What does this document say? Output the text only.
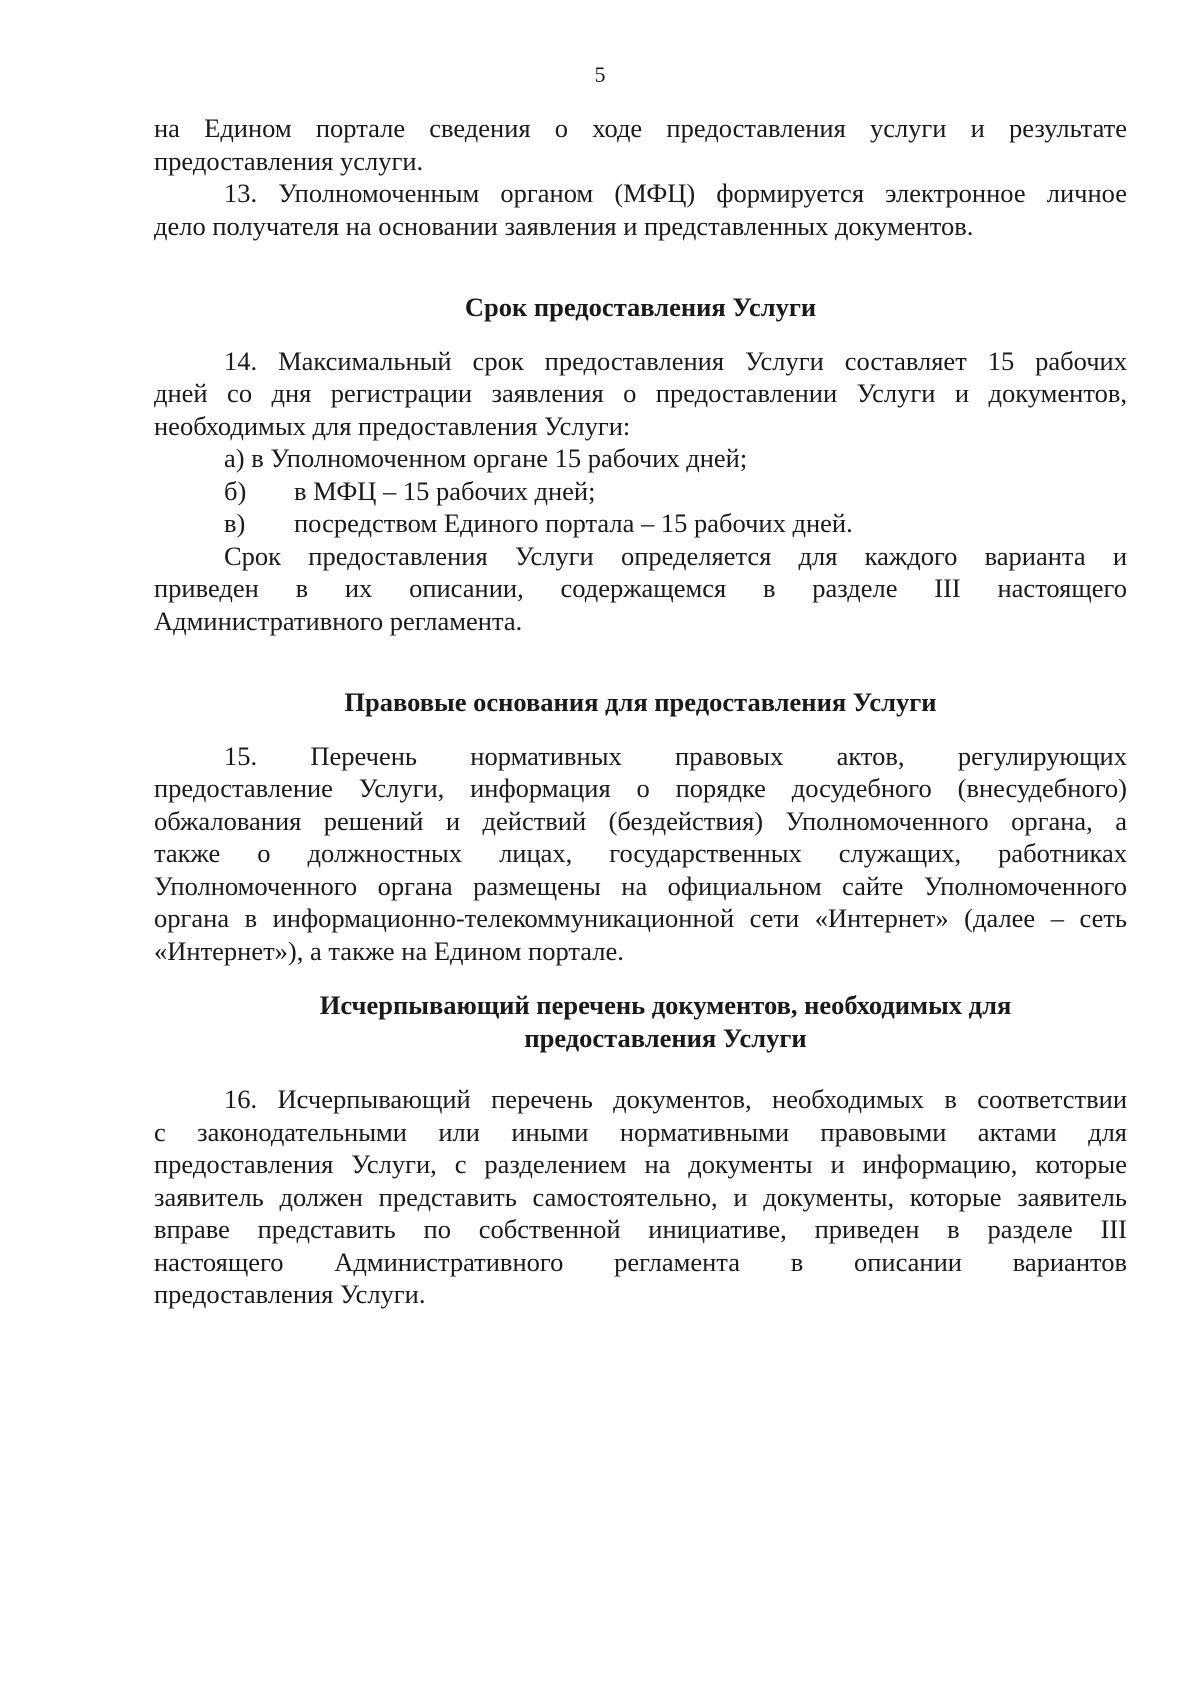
5
на Едином портале сведения о ходе предоставления услуги и результате
предоставления услуги.
13. Уполномоченным органом (МФЦ) формируется электронное личное
дело получателя на основании заявления и представленных документов.
Срок предоставления Услуги
14. Максимальный срок предоставления Услуги составляет 15 рабочих
дней со дня регистрации заявления о предоставлении Услуги и документов,
необходимых для предоставления Услуги:
а) в Уполномоченном органе 15 рабочих дней;
б)	в МФЦ – 15 рабочих дней;
в)	посредством Единого портала – 15 рабочих дней.
Срок предоставления Услуги определяется для каждого варианта и
приведен в их описании, содержащемся в разделе III настоящего
Административного регламента.
Правовые основания для предоставления Услуги
15. Перечень нормативных правовых актов, регулирующих
предоставление Услуги, информация о порядке досудебного (внесудебного)
обжалования решений и действий (бездействия) Уполномоченного органа, а
также о должностных лицах, государственных служащих, работниках
Уполномоченного органа размещены на официальном сайте Уполномоченного
органа в информационно-телекоммуникационной сети «Интернет» (далее – сеть
«Интернет»), а также на Едином портале.
Исчерпывающий перечень документов, необходимых для
предоставления Услуги
16. Исчерпывающий перечень документов, необходимых в соответствии
с законодательными или иными нормативными правовыми актами для
предоставления Услуги, с разделением на документы и информацию, которые
заявитель должен представить самостоятельно, и документы, которые заявитель
вправе представить по собственной инициативе, приведен в разделе III
настоящего Административного регламента в описании вариантов
предоставления Услуги.
